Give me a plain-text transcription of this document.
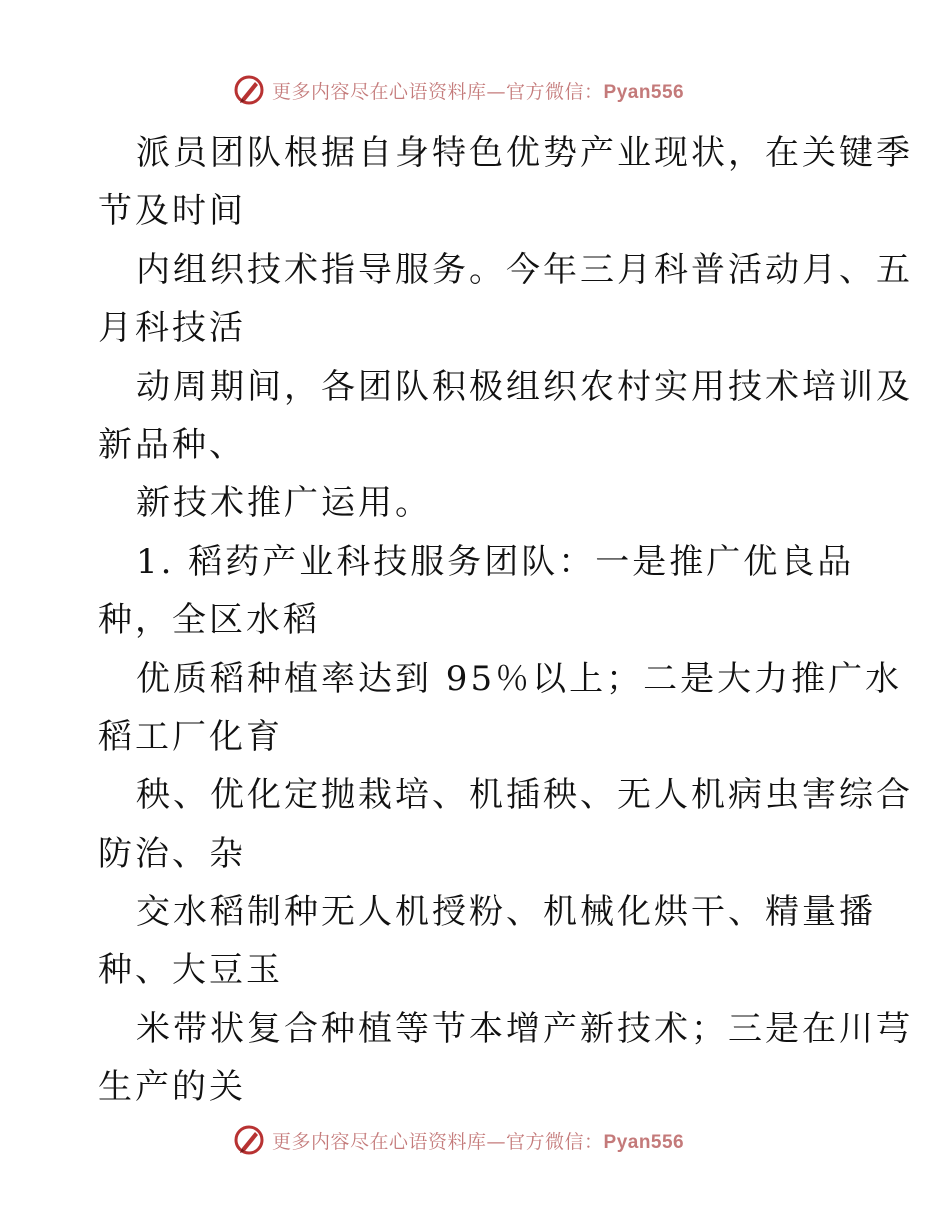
更多内容尽在心语资料库—官方微信：Pyan556
派员团队根据自身特色优势产业现状，在关键季
节及时间
内组织技术指导服务。今年三月科普活动月、五
月科技活
动周期间，各团队积极组织农村实用技术培训及
新品种、
新技术推广运用。
1. 稻药产业科技服务团队：一是推广优良品
种，全区水稻
优质稻种植率达到 95％以上；二是大力推广水
稻工厂化育
秧、优化定抛栽培、机插秧、无人机病虫害综合
防治、杂
交水稻制种无人机授粉、机械化烘干、精量播
种、大豆玉
米带状复合种植等节本增产新技术；三是在川芎
生产的关
更多内容尽在心语资料库—官方微信：Pyan556
